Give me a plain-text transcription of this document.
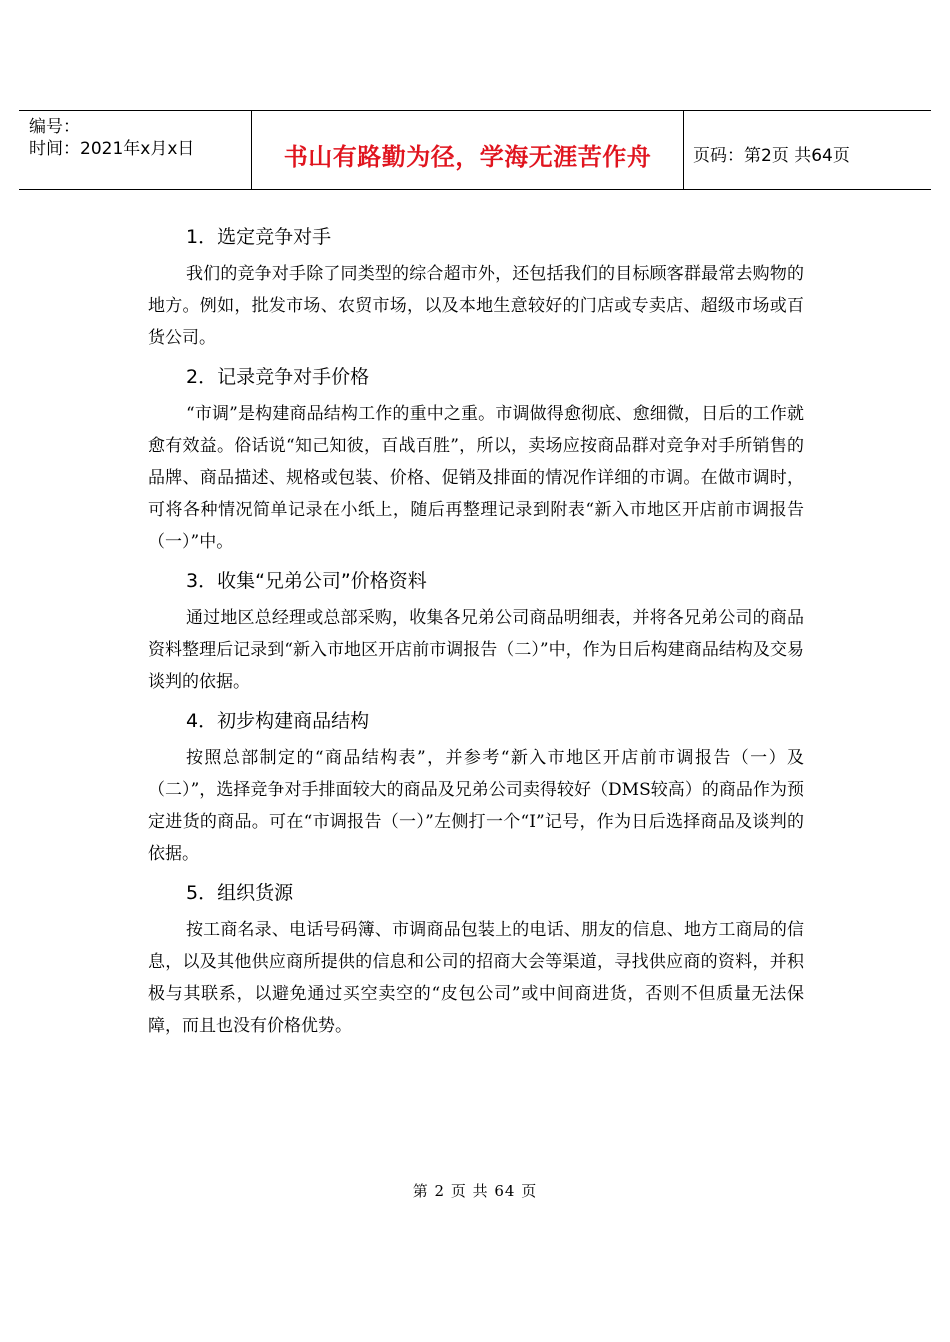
编号：
时间：2021年x月x日	书山有路勤为径，学海无涯苦作舟	页码：第2页 共64页
1．选定竞争对手

我们的竞争对手除了同类型的综合超市外，还包括我们的目标顾客群最常去购物的地方。例如，批发市场、农贸市场，以及本地生意较好的门店或专卖店、超级市场或百货公司。

2．记录竞争对手价格

“市调”是构建商品结构工作的重中之重。市调做得愈彻底、愈细微，日后的工作就愈有效益。俗话说“知己知彼，百战百胜”，所以，卖场应按商品群对竞争对手所销售的品牌、商品描述、规格或包装、价格、促销及排面的情况作详细的市调。在做市调时，可将各种情况简单记录在小纸上，随后再整理记录到附表“新入市地区开店前市调报告（一）”中。

3．收集“兄弟公司”价格资料

通过地区总经理或总部采购，收集各兄弟公司商品明细表，并将各兄弟公司的商品资料整理后记录到“新入市地区开店前市调报告（二）”中，作为日后构建商品结构及交易谈判的依据。

4．初步构建商品结构

按照总部制定的“商品结构表”，并参考“新入市地区开店前市调报告（一）及（二）”，选择竞争对手排面较大的商品及兄弟公司卖得较好（DMS较高）的商品作为预定进货的商品。可在“市调报告（一）”左侧打一个“I”记号，作为日后选择商品及谈判的依据。

5．组织货源

按工商名录、电话号码簿、市调商品包装上的电话、朋友的信息、地方工商局的信息，以及其他供应商所提供的信息和公司的招商大会等渠道，寻找供应商的资料，并积极与其联系，以避免通过买空卖空的“皮包公司”或中间商进货，否则不但质量无法保障，而且也没有价格优势。

第 2 页 共 64 页
